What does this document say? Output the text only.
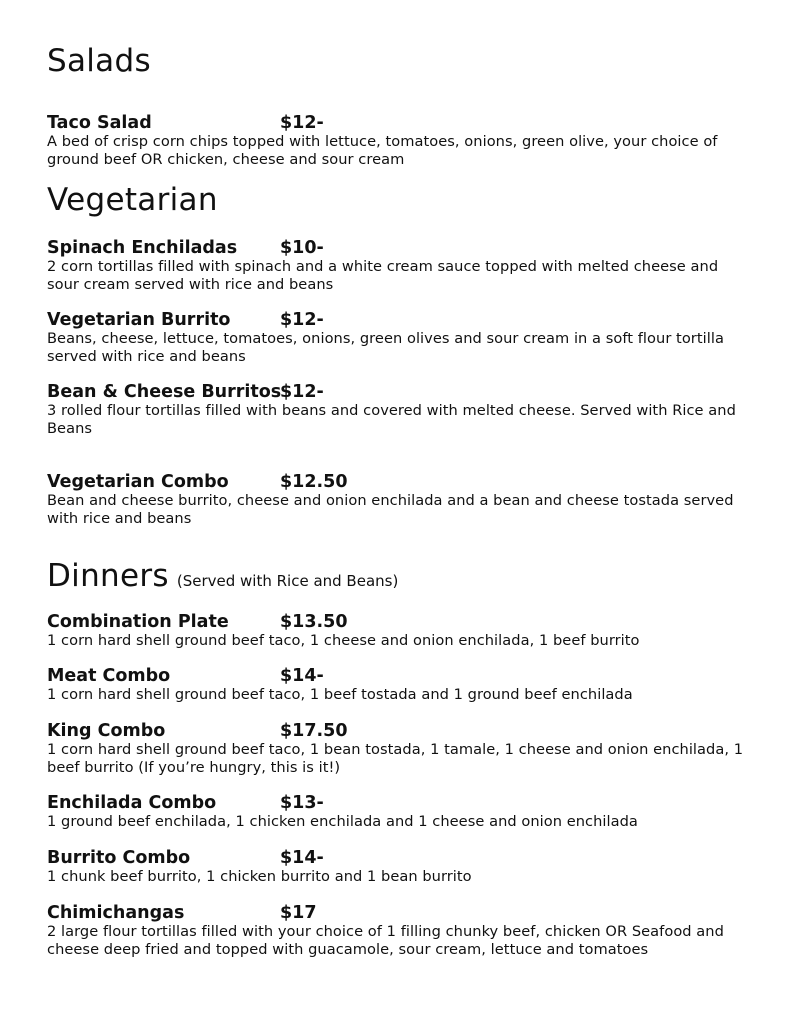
Salads
Taco Salad	$12-

A bed of crisp corn chips topped with lettuce, tomatoes, onions, green olive, your choice of ground beef OR chicken, cheese and sour cream

Vegetarian
Spinach Enchiladas	$10-

2 corn tortillas filled with spinach and a white cream sauce topped with melted cheese and sour cream served with rice and beans

Vegetarian Burrito	$12-

Beans, cheese, lettuce, tomatoes, onions, green olives and sour cream in a soft flour tortilla served with rice and beans

Bean & Cheese Burritos
$12-

3 rolled flour tortillas filled with beans and covered with melted cheese. Served with Rice and Beans

Vegetarian Combo	$12.50

Bean and cheese burrito, cheese and onion enchilada and a bean and cheese tostada served with rice and beans

Dinners (Served with Rice and Beans)
Combination Plate	$13.50

1 corn hard shell ground beef taco, 1 cheese and onion enchilada, 1 beef burrito

Meat Combo	$14-

1 corn hard shell ground beef taco, 1 beef tostada and 1 ground beef enchilada

King Combo	$17.50

1 corn hard shell ground beef taco, 1 bean tostada, 1 tamale, 1 cheese and onion enchilada, 1 beef burrito (If you’re hungry, this is it!)

Enchilada Combo	$13-

1 ground beef enchilada, 1 chicken enchilada and 1 cheese and onion enchilada

Burrito Combo	$14-

1 chunk beef burrito, 1 chicken burrito and 1 bean burrito

Chimichangas	$17

2 large flour tortillas filled with your choice of 1 filling chunky beef, chicken OR Seafood and cheese deep fried and topped with guacamole, sour cream, lettuce and tomatoes
